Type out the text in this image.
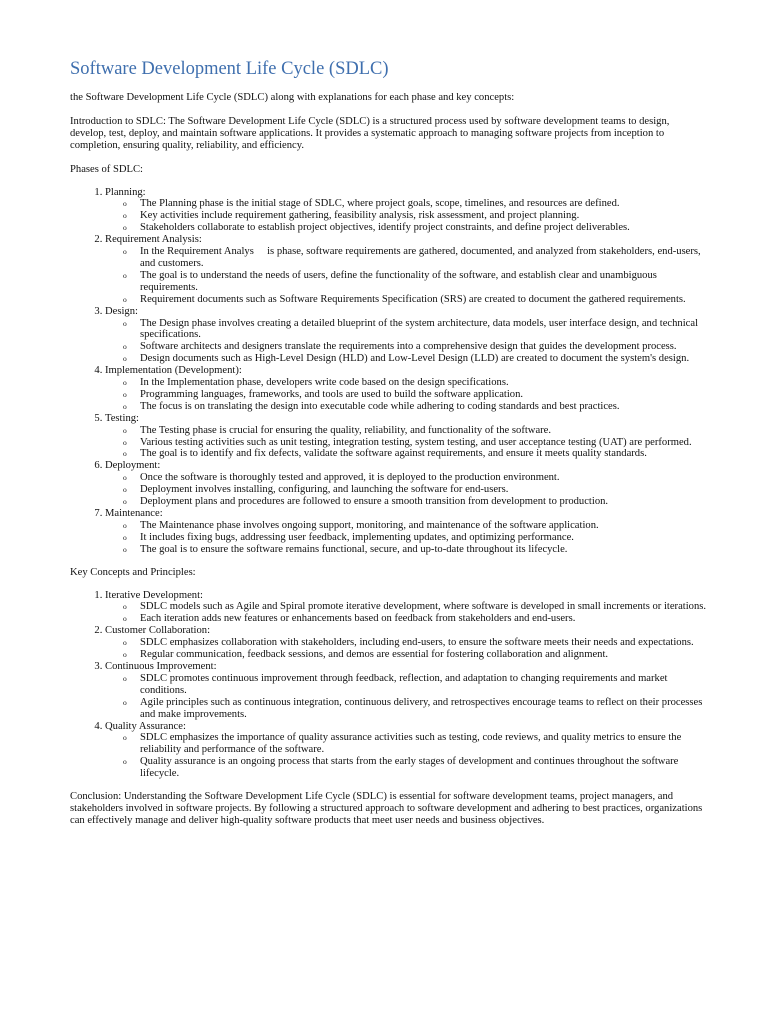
Software Development Life Cycle (SDLC)

the Software Development Life Cycle (SDLC) along with explanations for each phase and key concepts:

Introduction to SDLC: The Software Development Life Cycle (SDLC) is a structured process used by software development teams to design, develop, test, deploy, and maintain software applications. It provides a systematic approach to managing software projects from inception to completion, ensuring quality, reliability, and efficiency.

Phases of SDLC:

1. Planning:
o The Planning phase is the initial stage of SDLC, where project goals, scope, timelines, and resources are defined.
o Key activities include requirement gathering, feasibility analysis, risk assessment, and project planning.
o Stakeholders collaborate to establish project objectives, identify project constraints, and define project deliverables.
2. Requirement Analysis:
o In the Requirement Analys     is phase, software requirements are gathered, documented, and analyzed from stakeholders, end-users, and customers.
o The goal is to understand the needs of users, define the functionality of the software, and establish clear and unambiguous requirements.
o Requirement documents such as Software Requirements Specification (SRS) are created to document the gathered requirements.
3. Design:
o The Design phase involves creating a detailed blueprint of the system architecture, data models, user interface design, and technical specifications.
o Software architects and designers translate the requirements into a comprehensive design that guides the development process.
o Design documents such as High-Level Design (HLD) and Low-Level Design (LLD) are created to document the system's design.
4. Implementation (Development):
o In the Implementation phase, developers write code based on the design specifications.
o Programming languages, frameworks, and tools are used to build the software application.
o The focus is on translating the design into executable code while adhering to coding standards and best practices.
5. Testing:
o The Testing phase is crucial for ensuring the quality, reliability, and functionality of the software.
o Various testing activities such as unit testing, integration testing, system testing, and user acceptance testing (UAT) are performed.
o The goal is to identify and fix defects, validate the software against requirements, and ensure it meets quality standards.
6. Deployment:
o Once the software is thoroughly tested and approved, it is deployed to the production environment.
o Deployment involves installing, configuring, and launching the software for end-users.
o Deployment plans and procedures are followed to ensure a smooth transition from development to production.
7. Maintenance:
o The Maintenance phase involves ongoing support, monitoring, and maintenance of the software application.
o It includes fixing bugs, addressing user feedback, implementing updates, and optimizing performance.
o The goal is to ensure the software remains functional, secure, and up-to-date throughout its lifecycle.

Key Concepts and Principles:

1. Iterative Development:
o SDLC models such as Agile and Spiral promote iterative development, where software is developed in small increments or iterations.
o Each iteration adds new features or enhancements based on feedback from stakeholders and end-users.
2. Customer Collaboration:
o SDLC emphasizes collaboration with stakeholders, including end-users, to ensure the software meets their needs and expectations.
o Regular communication, feedback sessions, and demos are essential for fostering collaboration and alignment.
3. Continuous Improvement:
o SDLC promotes continuous improvement through feedback, reflection, and adaptation to changing requirements and market conditions.
o Agile principles such as continuous integration, continuous delivery, and retrospectives encourage teams to reflect on their processes and make improvements.
4. Quality Assurance:
o SDLC emphasizes the importance of quality assurance activities such as testing, code reviews, and quality metrics to ensure the reliability and performance of the software.
o Quality assurance is an ongoing process that starts from the early stages of development and continues throughout the software lifecycle.

Conclusion: Understanding the Software Development Life Cycle (SDLC) is essential for software development teams, project managers, and stakeholders involved in software projects. By following a structured approach to software development and adhering to best practices, organizations can effectively manage and deliver high-quality software products that meet user needs and business objectives.
